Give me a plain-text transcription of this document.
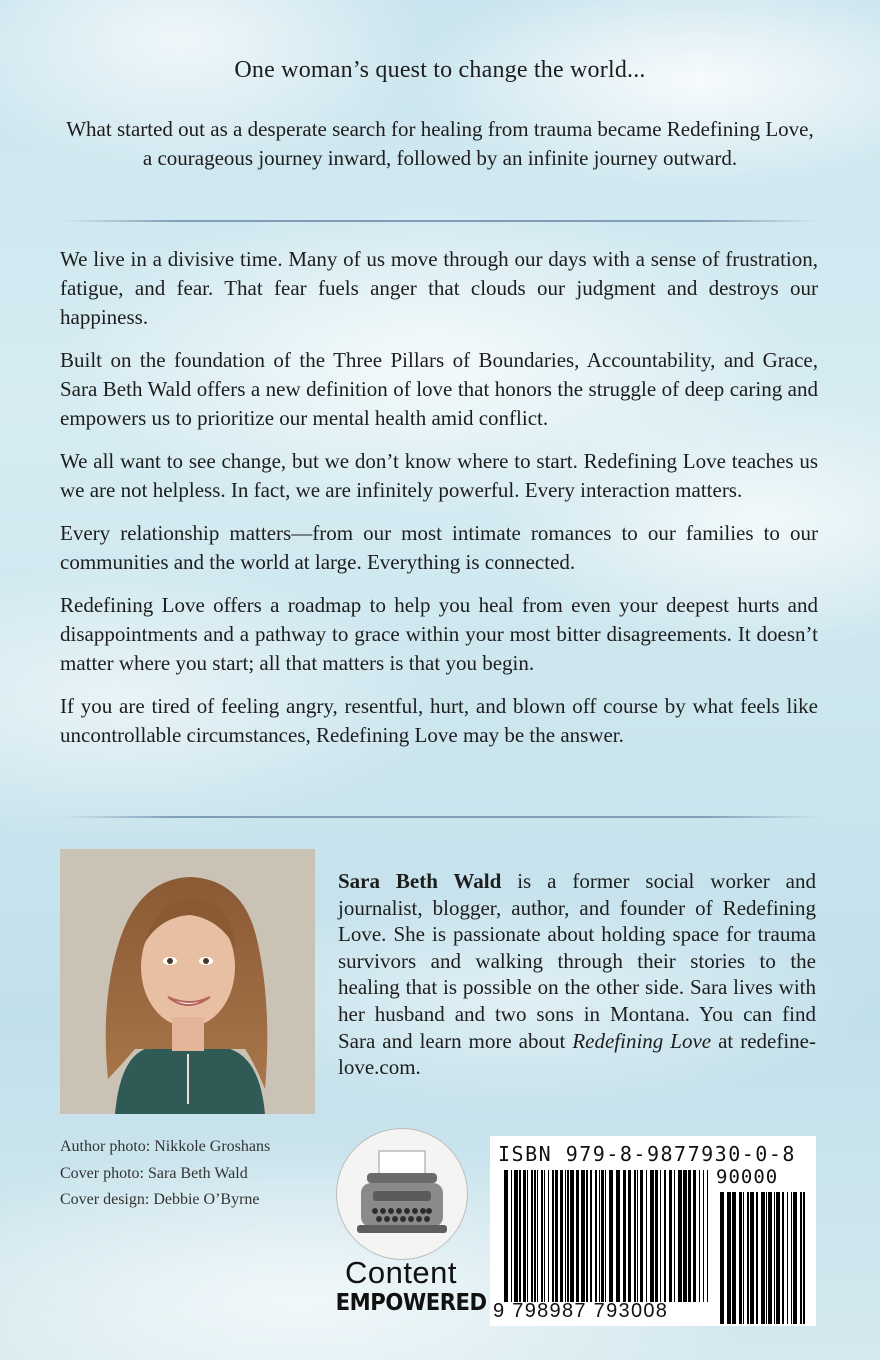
One woman’s quest to change the world...
What started out as a desperate search for healing from trauma became Redefining Love, a courageous journey inward, followed by an infinite journey outward.

We live in a divisive time. Many of us move through our days with a sense of frustration, fatigue, and fear. That fear fuels anger that clouds our judgment and destroys our happiness.

Built on the foundation of the Three Pillars of Boundaries, Accountability, and Grace, Sara Beth Wald offers a new definition of love that honors the struggle of deep caring and empowers us to prioritize our mental health amid conflict.

We all want to see change, but we don’t know where to start. Redefining Love teaches us we are not helpless. In fact, we are infinitely powerful. Every interaction matters.

Every relationship matters—from our most intimate romances to our families to our communities and the world at large. Everything is connected.

Redefining Love offers a roadmap to help you heal from even your deepest hurts and disappointments and a pathway to grace within your most bitter disagreements. It doesn’t matter where you start; all that matters is that you begin.

If you are tired of feeling angry, resentful, hurt, and blown off course by what feels like uncontrollable circumstances, Redefining Love may be the answer.

Sara Beth Wald is a former social worker and journalist, blogger, author, and founder of Redefining Love. She is passionate about holding space for trauma survivors and walking through their stories to the healing that is possible on the other side. Sara lives with her husband and two sons in Montana. You can find Sara and learn more about Redefining Love at redefine-love.com.
Author photo: Nikkole Groshans
Cover photo: Sara Beth Wald
Cover design: Debbie O’Byrne
Content
EMPOWERED
ISBN 979-8-9877930-0-8
90000
9 798987 793008
